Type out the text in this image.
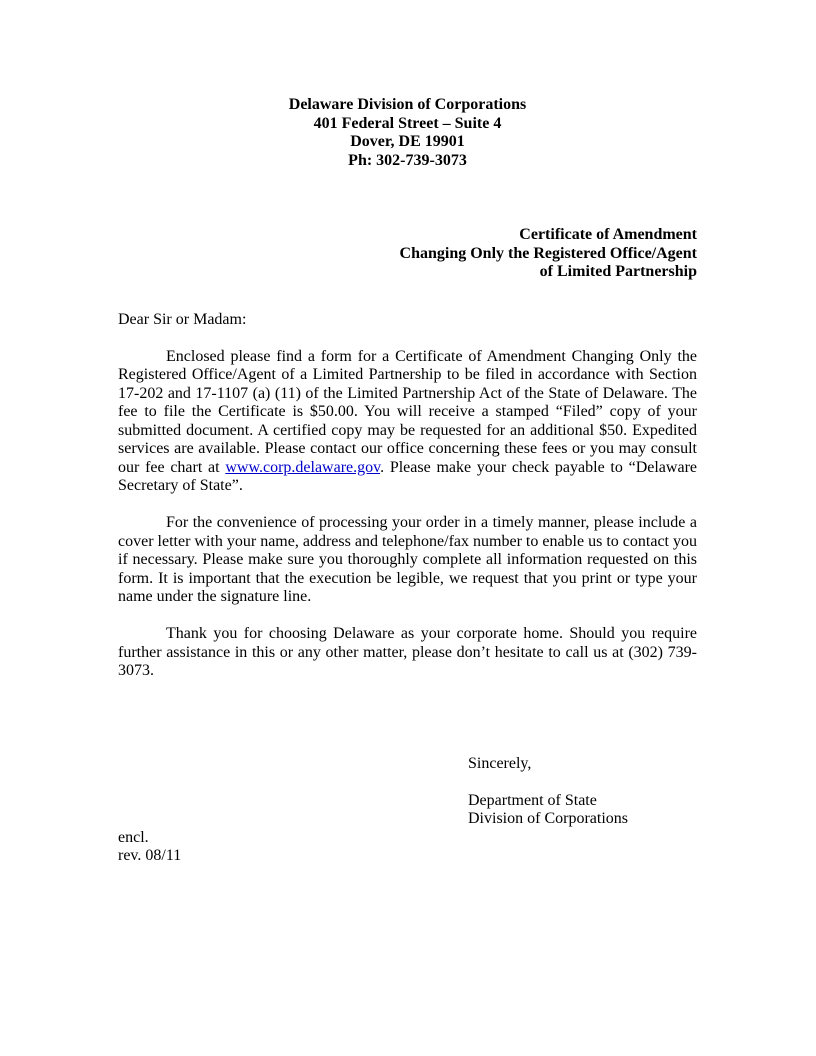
Delaware Division of Corporations
401 Federal Street – Suite 4
Dover, DE 19901
Ph: 302-739-3073
Certificate of Amendment
Changing Only the Registered Office/Agent
of Limited Partnership
Dear Sir or Madam:

Enclosed please find a form for a Certificate of Amendment Changing Only the Registered Office/Agent of a Limited Partnership to be filed in accordance with Section 17-202 and 17-1107 (a) (11) of the Limited Partnership Act of the State of Delaware. The fee to file the Certificate is $50.00. You will receive a stamped “Filed” copy of your submitted document. A certified copy may be requested for an additional $50. Expedited services are available. Please contact our office concerning these fees or you may consult our fee chart at www.corp.delaware.gov. Please make your check payable to “Delaware Secretary of State”.

For the convenience of processing your order in a timely manner, please include a cover letter with your name, address and telephone/fax number to enable us to contact you if necessary. Please make sure you thoroughly complete all information requested on this form. It is important that the execution be legible, we request that you print or type your name under the signature line.

Thank you for choosing Delaware as your corporate home. Should you require further assistance in this or any other matter, please don’t hesitate to call us at (302) 739-3073.

Sincerely,
Department of State
Division of Corporations
encl.
rev. 08/11
